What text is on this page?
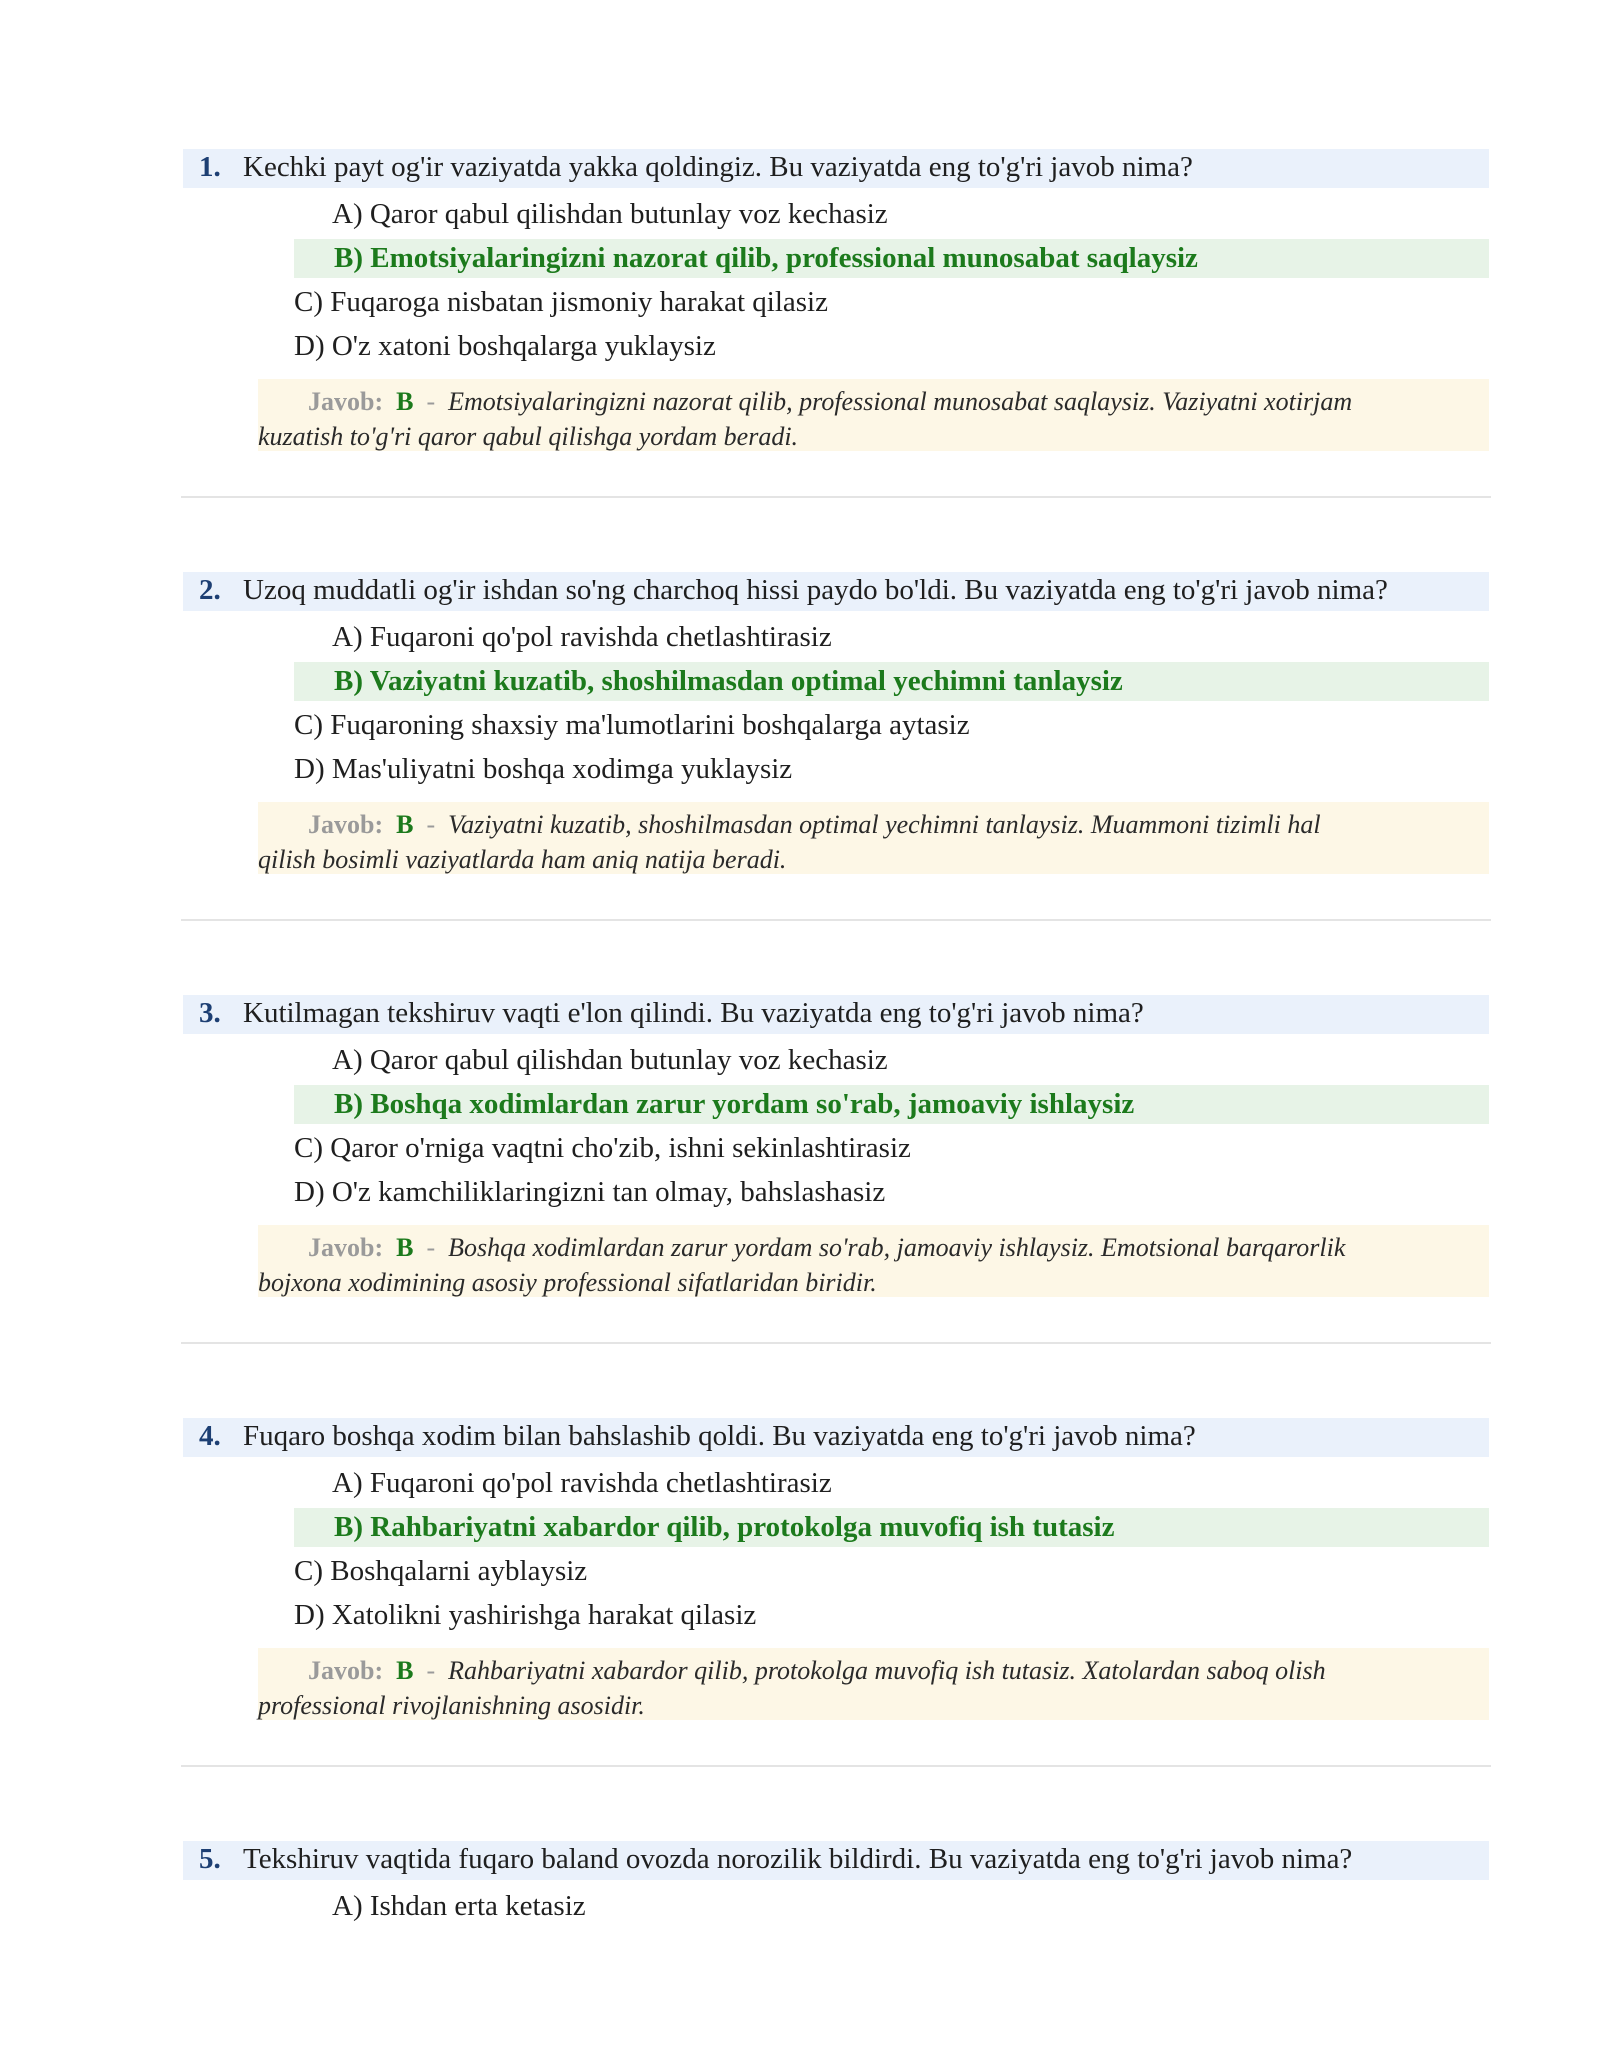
1. Kechki payt og'ir vaziyatda yakka qoldingiz. Bu vaziyatda eng to'g'ri javob nima?
A) Qaror qabul qilishdan butunlay voz kechasiz
B) Emotsiyalaringizni nazorat qilib, professional munosabat saqlaysiz
C) Fuqaroga nisbatan jismoniy harakat qilasiz
D) O'z xatoni boshqalarga yuklaysiz
Javob: B - Emotsiyalaringizni nazorat qilib, professional munosabat saqlaysiz. Vaziyatni xotirjam
kuzatish to'g'ri qaror qabul qilishga yordam beradi.
2. Uzoq muddatli og'ir ishdan so'ng charchoq hissi paydo bo'ldi. Bu vaziyatda eng to'g'ri javob nima?
A) Fuqaroni qo'pol ravishda chetlashtirasiz
B) Vaziyatni kuzatib, shoshilmasdan optimal yechimni tanlaysiz
C) Fuqaroning shaxsiy ma'lumotlarini boshqalarga aytasiz
D) Mas'uliyatni boshqa xodimga yuklaysiz
Javob: B - Vaziyatni kuzatib, shoshilmasdan optimal yechimni tanlaysiz. Muammoni tizimli hal
qilish bosimli vaziyatlarda ham aniq natija beradi.
3. Kutilmagan tekshiruv vaqti e'lon qilindi. Bu vaziyatda eng to'g'ri javob nima?
A) Qaror qabul qilishdan butunlay voz kechasiz
B) Boshqa xodimlardan zarur yordam so'rab, jamoaviy ishlaysiz
C) Qaror o'rniga vaqtni cho'zib, ishni sekinlashtirasiz
D) O'z kamchiliklaringizni tan olmay, bahslashasiz
Javob: B - Boshqa xodimlardan zarur yordam so'rab, jamoaviy ishlaysiz. Emotsional barqarorlik
bojxona xodimining asosiy professional sifatlaridan biridir.
4. Fuqaro boshqa xodim bilan bahslashib qoldi. Bu vaziyatda eng to'g'ri javob nima?
A) Fuqaroni qo'pol ravishda chetlashtirasiz
B) Rahbariyatni xabardor qilib, protokolga muvofiq ish tutasiz
C) Boshqalarni ayblaysiz
D) Xatolikni yashirishga harakat qilasiz
Javob: B - Rahbariyatni xabardor qilib, protokolga muvofiq ish tutasiz. Xatolardan saboq olish
professional rivojlanishning asosidir.
5. Tekshiruv vaqtida fuqaro baland ovozda norozilik bildirdi. Bu vaziyatda eng to'g'ri javob nima?
A) Ishdan erta ketasiz
